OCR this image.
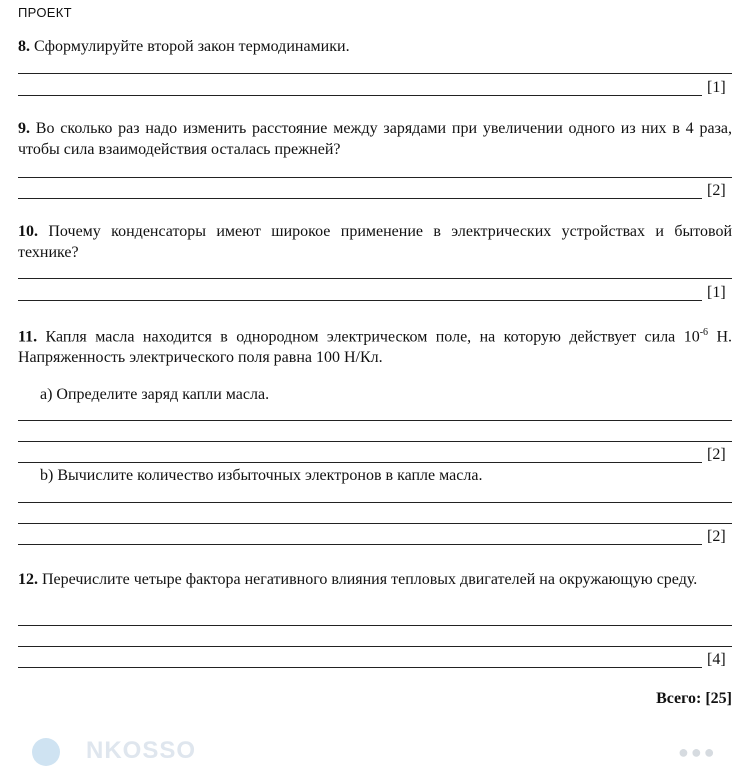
ПРОЕКТ
8. Сформулируйте второй закон термодинамики.
[1]
9. Во сколько раз надо изменить расстояние между зарядами при увеличении одного из них в 4 раза, чтобы сила взаимодействия осталась прежней?
[2]
10. Почему конденсаторы имеют широкое применение в электрических устройствах и бытовой технике?
[1]
11. Капля масла находится в однородном электрическом поле, на которую действует сила $10^{-6}$ Н. Напряженность электрического поля равна 100 Н/Кл.
a) Определите заряд капли масла.
[2]
b) Вычислите количество избыточных электронов в капле масла.
[2]
12. Перечислите четыре фактора негативного влияния тепловых двигателей на окружающую среду.
[4]
Всего: [25]
NKOSSO	●●●
